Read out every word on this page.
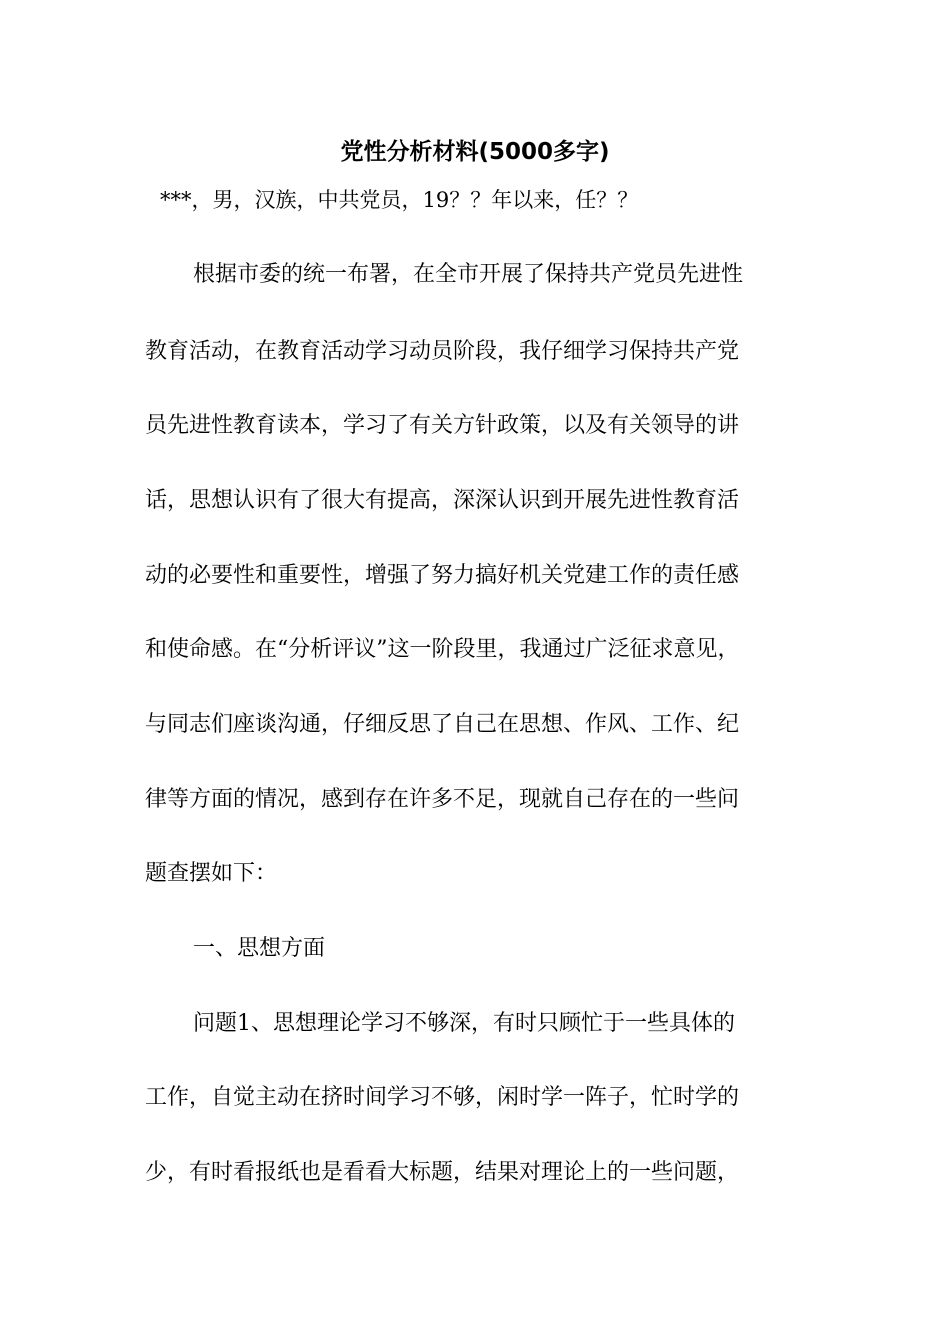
党性分析材料(5000多字)
***，男，汉族，中共党员，19？？年以来，任？？
根据市委的统一布署，在全市开展了保持共产党员先进性
教育活动，在教育活动学习动员阶段，我仔细学习保持共产党
员先进性教育读本，学习了有关方针政策，以及有关领导的讲
话，思想认识有了很大有提高，深深认识到开展先进性教育活
动的必要性和重要性，增强了努力搞好机关党建工作的责任感
和使命感。在“分析评议”这一阶段里，我通过广泛征求意见，
与同志们座谈沟通，仔细反思了自己在思想、作风、工作、纪
律等方面的情况，感到存在许多不足，现就自己存在的一些问
题查摆如下：
一、思想方面
问题1、思想理论学习不够深，有时只顾忙于一些具体的
工作，自觉主动在挤时间学习不够，闲时学一阵子，忙时学的
少，有时看报纸也是看看大标题，结果对理论上的一些问题，
